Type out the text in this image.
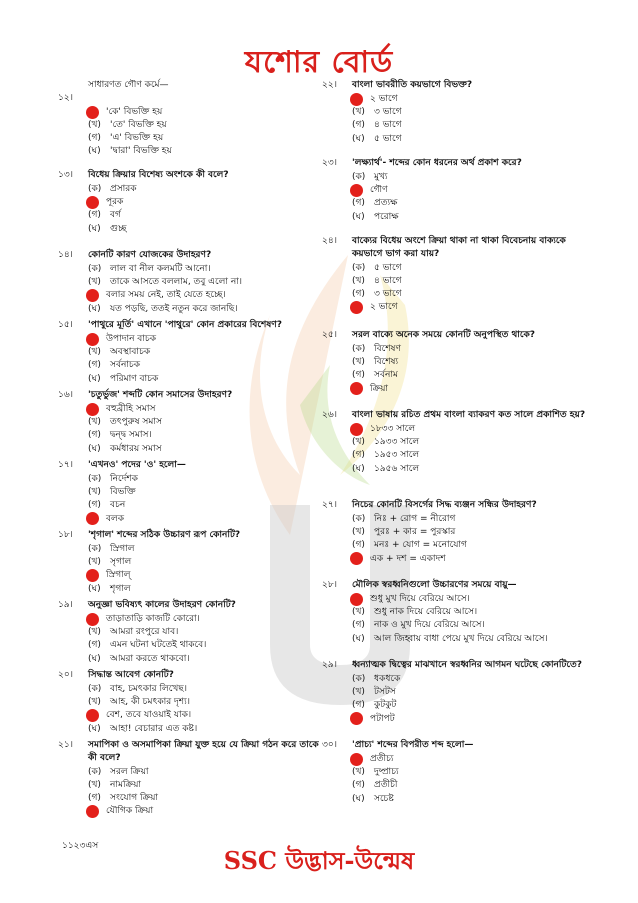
যশোর বোর্ড
সাধারণত গৌণ কর্মে—
১২।
'কে' বিভক্তি হয়
(খ)	'তে' বিভক্তি হয়
(গ)	'এ' বিভক্তি হয়
(ঘ)	'দ্বারা' বিভক্তি হয়
১৩।	বিধেয় ক্রিয়ার বিশেষ্য অংশকে কী বলে?
(ক) প্রসারক
পূরক
(গ)	বর্গ
(ঘ)	গুচ্ছ
১৪।	কোনটি কারণ যোজকের উদাহরণ?
(ক) লাল বা নীল কলমটি আনো।
(খ)	তাকে আসতে বললাম, তবু এলো না।
বলার সময় নেই, তাই যেতে হচ্ছে।
(ঘ)	যত পড়ছি, ততই নতুন করে জানছি।
১৫।	'পাথুরে মূর্তি' এখানে 'পাথুরে' কোন প্রকারের বিশেষণ?
উপাদান বাচক
(খ)	অবস্থাবাচক
(গ)	সর্বনাচক
(ঘ)	পরিমাণ বাচক
১৬।	'চতুর্ভুজ' শব্দটি কোন সমাসের উদাহরণ?
বহুব্রীহি সমাস
(খ)	তৎপুরুষ সমাস
(গ)	দ্বন্দ্ব সমাস।
(ঘ)	কর্মধারয় সমাস
১৭।	'এখনও' পদের 'ও' হলো—
(ক) নির্দেশক
(খ)	বিভক্তি
(গ)	বচন
বলক
১৮।	'শৃগাল' শব্দের সঠিক উচ্চারণ রূপ কোনটি?
(ক) স্রিগাল
(খ)	সৃগাল
স্রিগাল্
(ঘ)	শৃগাল
১৯।	অনুজ্ঞা ভবিষ্যৎ কালের উদাহরণ কোনটি?
তাড়াতাড়ি কাজটি কোরো।
(খ)	আমরা রংপুরে যাব।
(গ)	এমন ঘটনা ঘটতেই থাকবে।
(ঘ)	আমরা করতে থাকবো।
২০।	সিদ্ধান্ত আবেগ কোনটি?
(ক) বাহ, চমৎকার লিখেছ।
(খ)	আহ, কী চমৎকার দৃশ্য।
বেশ, তবে যাওয়াই যাক।
(ঘ)	আহা! বেচারার এত কষ্ট।
২১।	সমাপিকা ও অসমাপিকা ক্রিয়া যুক্ত হয়ে যে ক্রিয়া গঠন করে তাকে কী বলে?
(ক) সরল ক্রিয়া
(খ)	নামক্রিয়া
(গ)	সংযোগ ক্রিয়া
যৌগিক ক্রিয়া
২২।	বাংলা ভাবরীতি কয়ভাগে বিভক্ত?
২ ভাগে
(খ)	৩ ভাগে
(গ)	৪ ভাগে
(ঘ)	৫ ভাগে
২৩।	'লক্ষ্যার্থ'- শব্দের কোন ধরনের অর্থ প্রকাশ করে?
(ক) মুখ্য
গৌণ
(গ)	প্রত্যক্ষ
(ঘ)	পরোক্ষ
২৪।	বাক্যের বিধেয় অংশে ক্রিয়া থাকা না থাকা বিবেচনায় বাক্যকে কয়ভাগে ভাগ করা যায়?
(ক) ৫ ভাগে
(খ)	৪ ভাগে
(গ)	৩ ভাগে
২ ভাগে
২৫।	সরল বাক্যে অনেক সময়ে কোনটি অনুপস্থিত থাকে?
(ক) বিশেষণ
(খ)	বিশেষ্য
(গ)	সর্বনাম
ক্রিয়া
২৬।	বাংলা ভাষায় রচিত প্রথম বাংলা ব্যাকরণ কত সালে প্রকাশিত হয়?
১৮৩৩ সালে
(খ)	১৯৩৩ সালে
(গ)	১৯৫৩ সালে
(ঘ)	১৯৫৬ সালে
২৭।	নিচের কোনটি বিসর্গের সিদ্ধ ব্যঞ্জন সন্ধির উদাহরণ?
(ক) নিঃ + রোগ = নীরোগ
(খ)	পুরঃ + কার = পুরস্কার
(গ)	মনঃ + যোগ = মনোযোগ
এক + দশ = একাদশ
২৮।	মৌলিক স্বরধ্বনিগুলো উচ্চারণের সময়ে বায়ু—
শুধু মুখ দিয়ে বেরিয়ে আসে।
(খ)	শুধু নাক দিয়ে বেরিয়ে আসে।
(গ)	নাক ও মুখ দিয়ে বেরিয়ে আসে।
(ঘ)	আল জিহ্বায় বাধা পেয়ে মুখ দিয়ে বেরিয়ে আসে।
২৯।	ধ্বন্যাত্মক দ্বিত্বের মাঝখানে স্বরধ্বনির আগমন ঘটেছে কোনটিতে?
(ক) ধকধকে
(খ)	টসটস
(গ)	কুটকুট
পটাপট
৩০।	'প্রাচ্য' শব্দের বিপরীত শব্দ হলো—
প্রতীচ্য
(খ)	দুষ্প্রাচ্য
(গ)	প্রতীচী
(ঘ)	সচেষ্ট
১১২৩এস	SSC উদ্ভাস-উন্মেষ
